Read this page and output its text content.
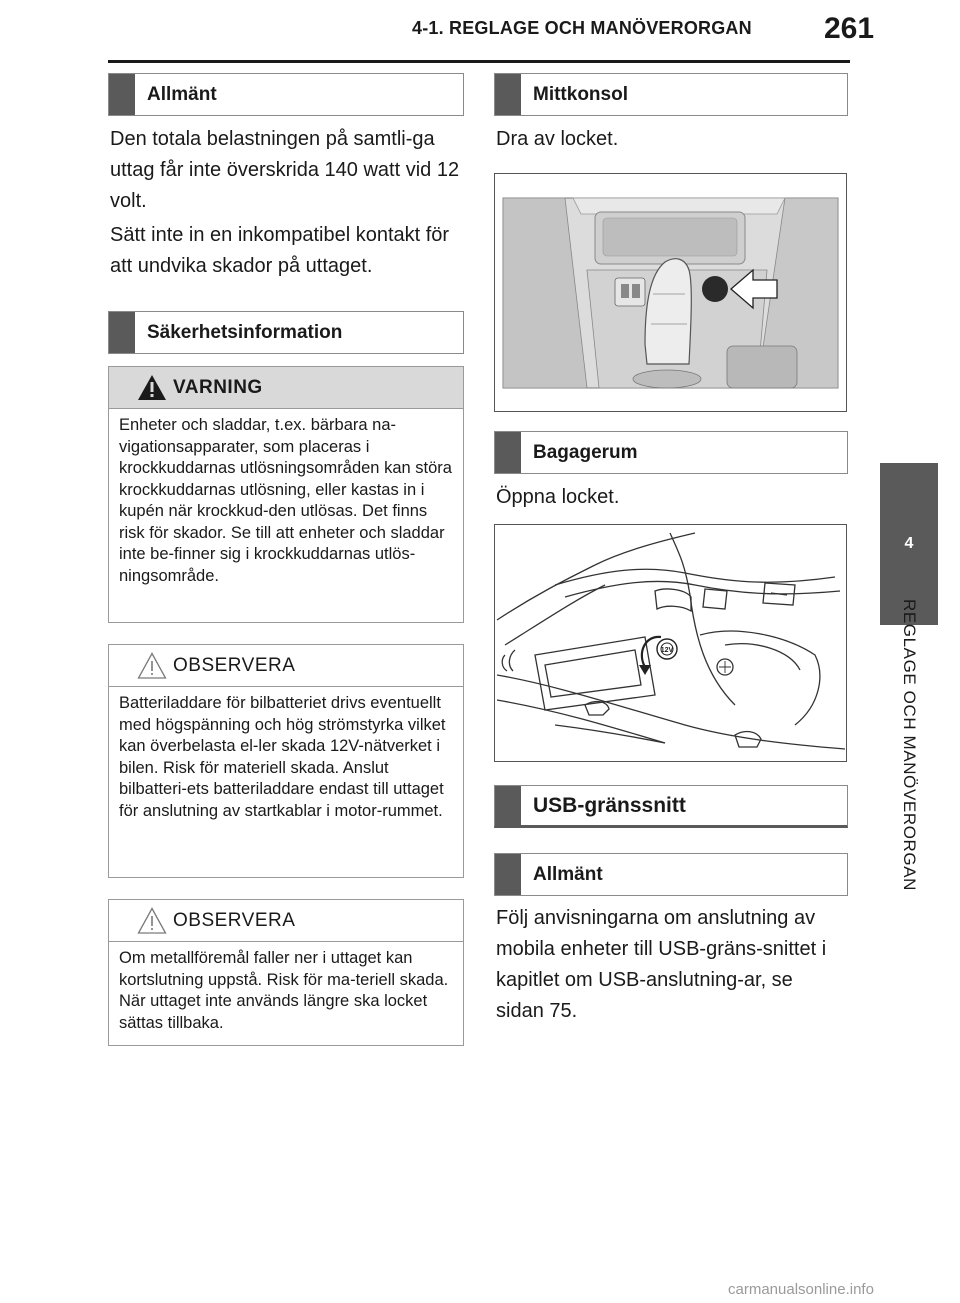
4-1. REGLAGE OCH MANÖVERORGAN 261
4
REGLAGE OCH MANÖVERORGAN
Allmänt
Den totala belastningen på samtli-ga uttag får inte överskrida 140 watt vid 12 volt.
Sätt inte in en inkompatibel kontakt för att undvika skador på uttaget.
Säkerhetsinformation
VARNING
Enheter och sladdar, t.ex. bärbara na-vigationsapparater, som placeras i krockkuddarnas utlösningsområden kan störa krockkuddarnas utlösning, eller kastas in i kupén när krockkud-den utlösas. Det finns risk för skador. Se till att enheter och sladdar inte be-finner sig i krockkuddarnas utlös-ningsområde.
OBSERVERA
Batteriladdare för bilbatteriet drivs eventuellt med högspänning och hög strömstyrka vilket kan överbelasta el-ler skada 12V-nätverket i bilen. Risk för materiell skada. Anslut bilbatteri-ets batteriladdare endast till uttaget för anslutning av startkablar i motor-rummet.
OBSERVERA
Om metallföremål faller ner i uttaget kan kortslutning uppstå. Risk för ma-teriell skada. När uttaget inte används längre ska locket sättas tillbaka.
Mittkonsol
Dra av locket.
Bagagerum
Öppna locket.
12V
USB-gränssnitt
Allmänt
Följ anvisningarna om anslutning av mobila enheter till USB-gräns-snittet i kapitlet om USB-anslutning-ar, se sidan 75.
carmanualsonline.info
